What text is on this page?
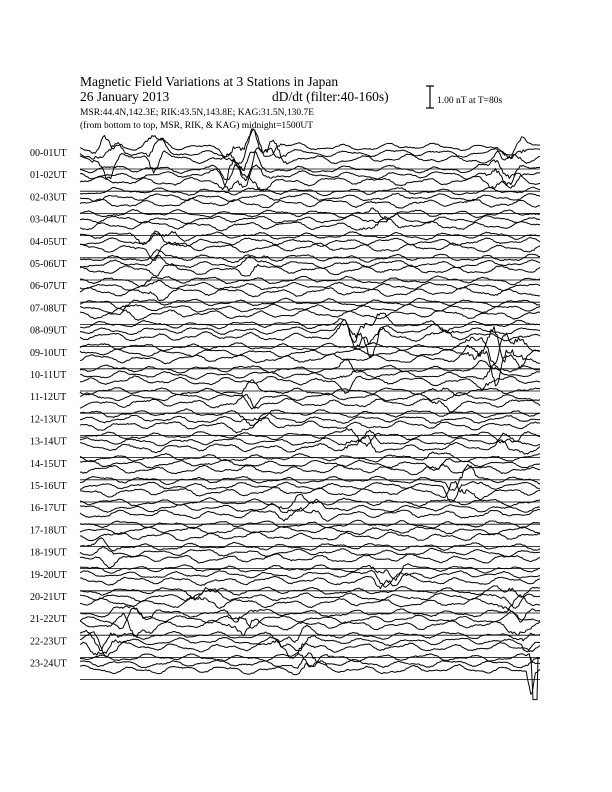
Magnetic Field Variations at 3 Stations in Japan
26 January 2013	dD/dt (filter:40-160s)
MSR:44.4N,142.3E; RIK:43.5N,143.8E; KAG:31.5N,130.7E
(from bottom to top, MSR, RIK, & KAG) midnight=1500UT
1.00 nT at T=80s
00-01UT
01-02UT
02-03UT
03-04UT
04-05UT
05-06UT
06-07UT
07-08UT
08-09UT
09-10UT
10-11UT
11-12UT
12-13UT
13-14UT
14-15UT
15-16UT
16-17UT
17-18UT
18-19UT
19-20UT
20-21UT
21-22UT
22-23UT
23-24UT
